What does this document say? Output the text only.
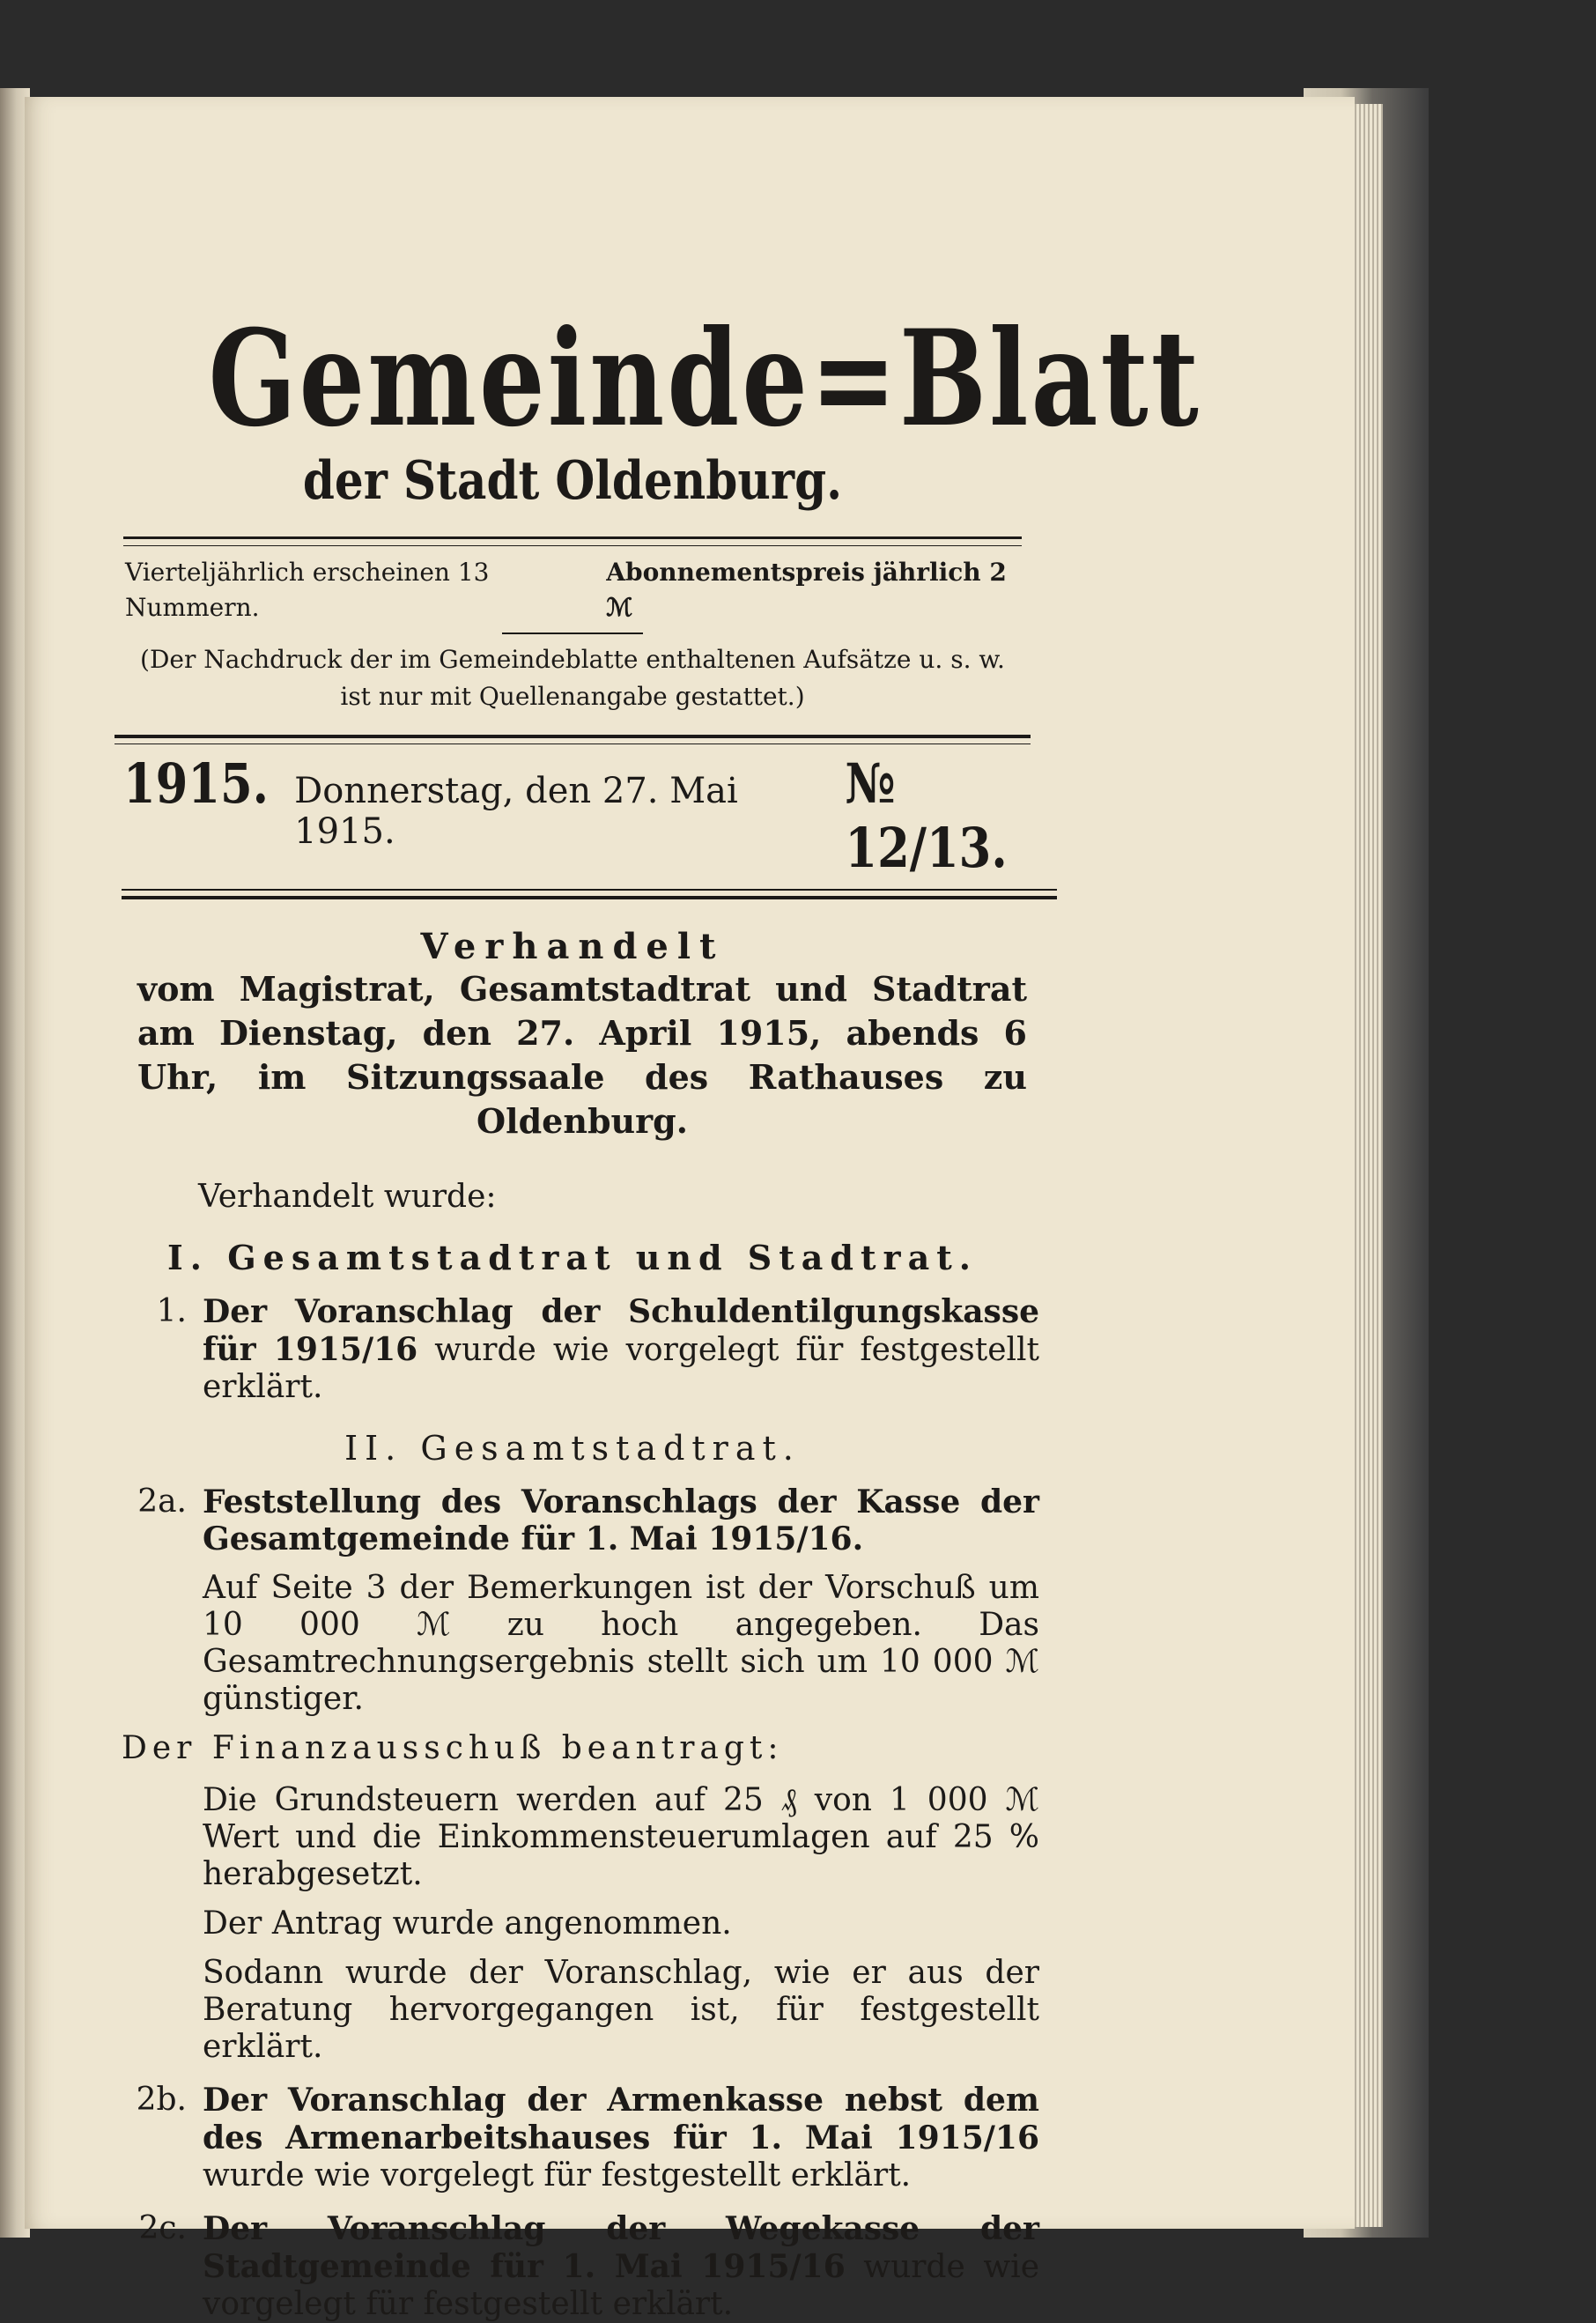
Gemeinde=Blatt
der Stadt Oldenburg.
Vierteljährlich erscheinen 13 Nummern.
Abonnementspreis jährlich 2 ℳ
(Der Nachdruck der im Gemeindeblatte enthaltenen Aufsätze u. s. w.
ist nur mit Quellenangabe gestattet.)
1915. Donnerstag, den 27. Mai 1915.
№ 12/13.
Verhandelt
vom Magistrat, Gesamtstadtrat und Stadtrat am Dienstag, den 27. April 1915, abends 6 Uhr, im Sitzungssaale des Rathauses zu Oldenburg.
Verhandelt wurde:
I. Gesamtstadtrat und Stadtrat.
1. Der Voranschlag der Schuldentilgungskasse für 1915/16 wurde wie vorgelegt für festgestellt erklärt.
II. Gesamtstadtrat.
2a. Feststellung des Voranschlags der Kasse der Gesamtgemeinde für 1. Mai 1915/16.
Auf Seite 3 der Bemerkungen ist der Vorschuß um 10 000 ℳ zu hoch angegeben. Das Gesamtrechnungsergebnis stellt sich um 10 000 ℳ günstiger.
Der Finanzausschuß beantragt:
Die Grundsteuern werden auf 25 ₰ von 1 000 ℳ Wert und die Einkommensteuerumlagen auf 25 % herabgesetzt.
Der Antrag wurde angenommen.
Sodann wurde der Voranschlag, wie er aus der Beratung hervorgegangen ist, für festgestellt erklärt.
2b. Der Voranschlag der Armenkasse nebst dem des Armenarbeitshauses für 1. Mai 1915/16 wurde wie vorgelegt für festgestellt erklärt.
2c. Der Voranschlag der Wegekasse der Stadtgemeinde für 1. Mai 1915/16 wurde wie vorgelegt für festgestellt erklärt.
